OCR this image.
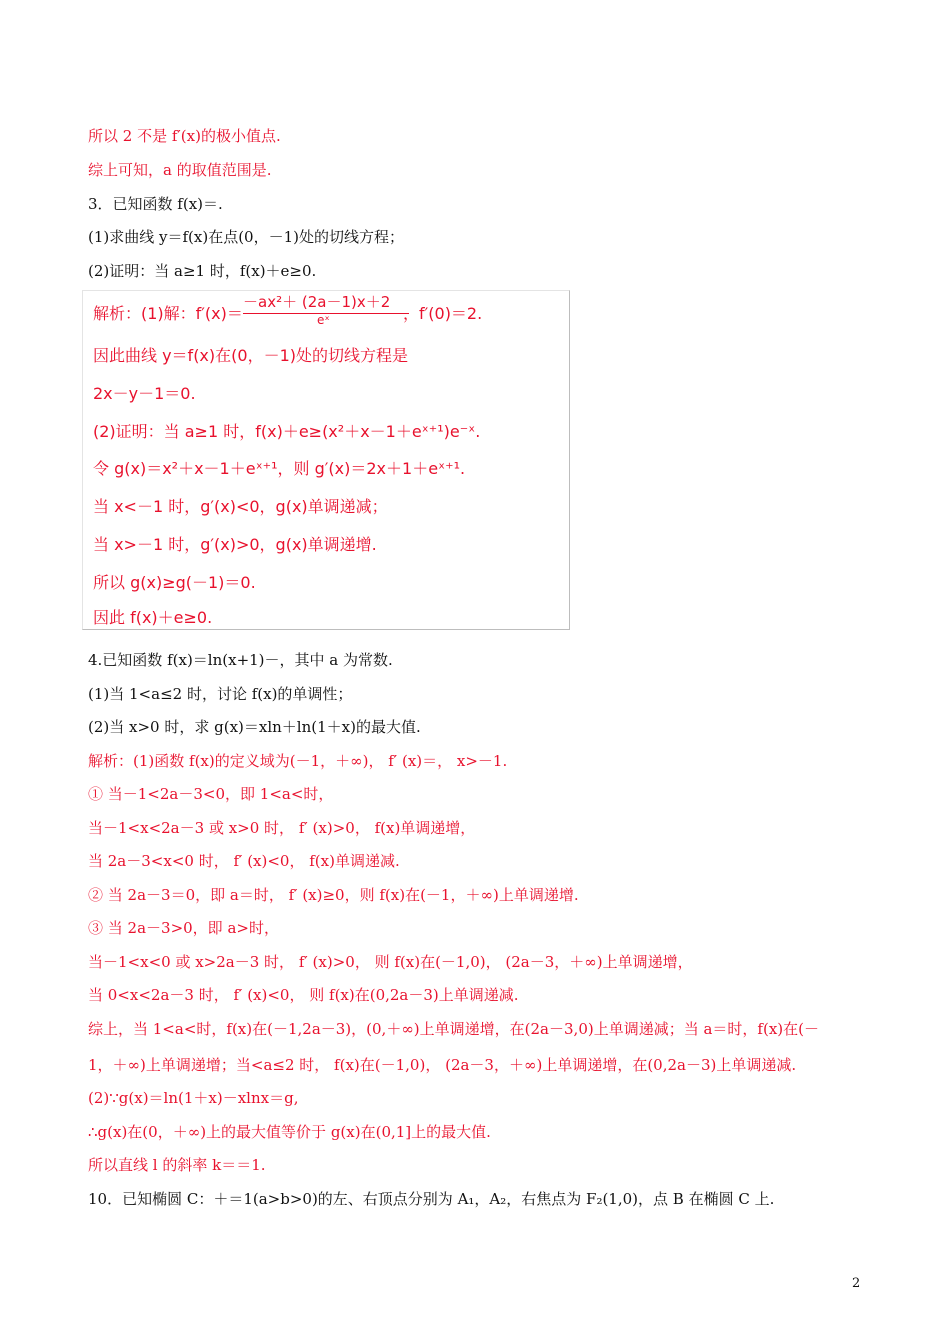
所以 2 不是 f′(x)的极小值点.
综上可知，a 的取值范围是.
3．已知函数 f(x)＝.
(1)求曲线 y＝f(x)在点(0，－1)处的切线方程；
(2)证明：当 a≥1 时，f(x)＋e≥0.
解析：(1)解：f′(x)＝
－ax²＋ (2a－1)x＋2
eˣ	，f′(0)＝2.
因此曲线 y＝f(x)在(0，－1)处的切线方程是
2x－y－1＝0.
(2)证明：当 a≥1 时，f(x)＋e≥(x²＋x－1＋eˣ⁺¹)e⁻ˣ.
令 g(x)＝x²＋x－1＋eˣ⁺¹，则 g′(x)＝2x＋1＋eˣ⁺¹.
当 x<－1 时，g′(x)<0，g(x)单调递减；
当 x>－1 时，g′(x)>0，g(x)单调递增.
所以 g(x)≥g(－1)＝0.
因此 f(x)＋e≥0.
4.已知函数 f(x)＝ln(x+1)－，其中 a 为常数.
(1)当 1<a≤2 时，讨论 f(x)的单调性；
(2)当 x>0 时，求 g(x)＝xln＋ln(1＋x)的最大值.
解析：(1)函数 f(x)的定义域为(－1，＋∞)， f′ (x)＝， x>－1.
① 当－1<2a－3<0，即 1<a<时，
当－1<x<2a－3 或 x>0 时， f′ (x)>0， f(x)单调递增，
当 2a－3<x<0 时， f′ (x)<0， f(x)单调递减.
② 当 2a－3＝0，即 a＝时， f′ (x)≥0，则 f(x)在(－1，＋∞)上单调递增.
③ 当 2a－3>0，即 a>时，
当－1<x<0 或 x>2a－3 时， f′ (x)>0， 则 f(x)在(－1,0)， (2a－3，＋∞)上单调递增，
当 0<x<2a－3 时， f′ (x)<0， 则 f(x)在(0,2a－3)上单调递减.
综上，当 1<a<时，f(x)在(－1,2a－3)，(0,＋∞)上单调递增，在(2a－3,0)上单调递减；当 a＝时，f(x)在(－
1，＋∞)上单调递增；当<a≤2 时， f(x)在(－1,0)， (2a－3，＋∞)上单调递增，在(0,2a－3)上单调递减.
(2)∵g(x)＝ln(1＋x)－xlnx＝g,
∴g(x)在(0，＋∞)上的最大值等价于 g(x)在(0,1]上的最大值.
所以直线 l 的斜率 k＝＝1.
10．已知椭圆 C：＋＝1(a>b>0)的左、右顶点分别为 A₁，A₂，右焦点为 F₂(1,0)，点 B 在椭圆 C 上.
2
